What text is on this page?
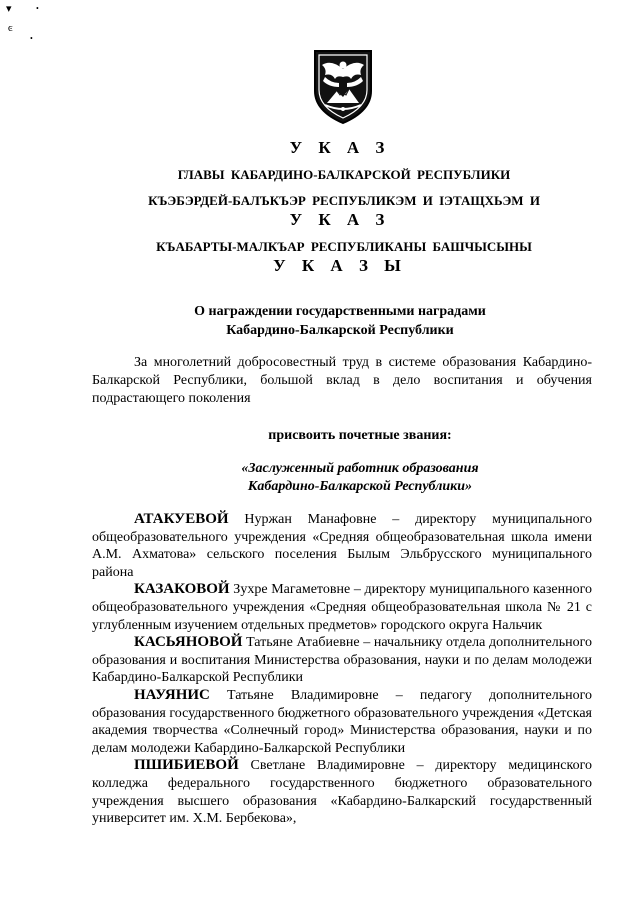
▾	•
ͼ
•
У К А З
ГЛАВЫ КАБАРДИНО-БАЛКАРСКОЙ РЕСПУБЛИКИ
КЪЭБЭРДЕЙ-БАЛЪКЪЭР РЕСПУБЛИКЭМ И IЭТАЩХЬЭМ И
У К А З
КЪАБАРТЫ-МАЛКЪАР РЕСПУБЛИКАНЫ БАШЧЫСЫНЫ
У К А З Ы
О награждении государственными наградами
Кабардино-Балкарской Республики
За многолетний добросовестный труд в системе образования Кабардино-Балкарской Республики, большой вклад в дело воспитания и обучения подрастающего поколения
присвоить почетные звания:
«Заслуженный работник образования
Кабардино-Балкарской Республики»
АТАКУЕВОЙ Нуржан Манафовне – директору муниципального общеобразовательного учреждения «Средняя общеобразовательная школа имени А.М. Ахматова» сельского поселения Былым Эльбрусского муниципального района
КАЗАКОВОЙ Зухре Магаметовне – директору муниципального казенного общеобразовательного учреждения «Средняя общеобразовательная школа № 21 с углубленным изучением отдельных предметов» городского округа Нальчик
КАСЬЯНОВОЙ Татьяне Атабиевне – начальнику отдела дополнительного образования и воспитания Министерства образования, науки и по делам молодежи Кабардино-Балкарской Республики
НАУЯНИС Татьяне Владимировне – педагогу дополнительного образования государственного бюджетного образовательного учреждения «Детская академия творчества «Солнечный город» Министерства образования, науки и по делам молодежи Кабардино-Балкарской Республики
ПШИБИЕВОЙ Светлане Владимировне – директору медицинского колледжа федерального государственного бюджетного образовательного учреждения высшего образования «Кабардино-Балкарский государственный университет им. Х.М. Бербекова»,
